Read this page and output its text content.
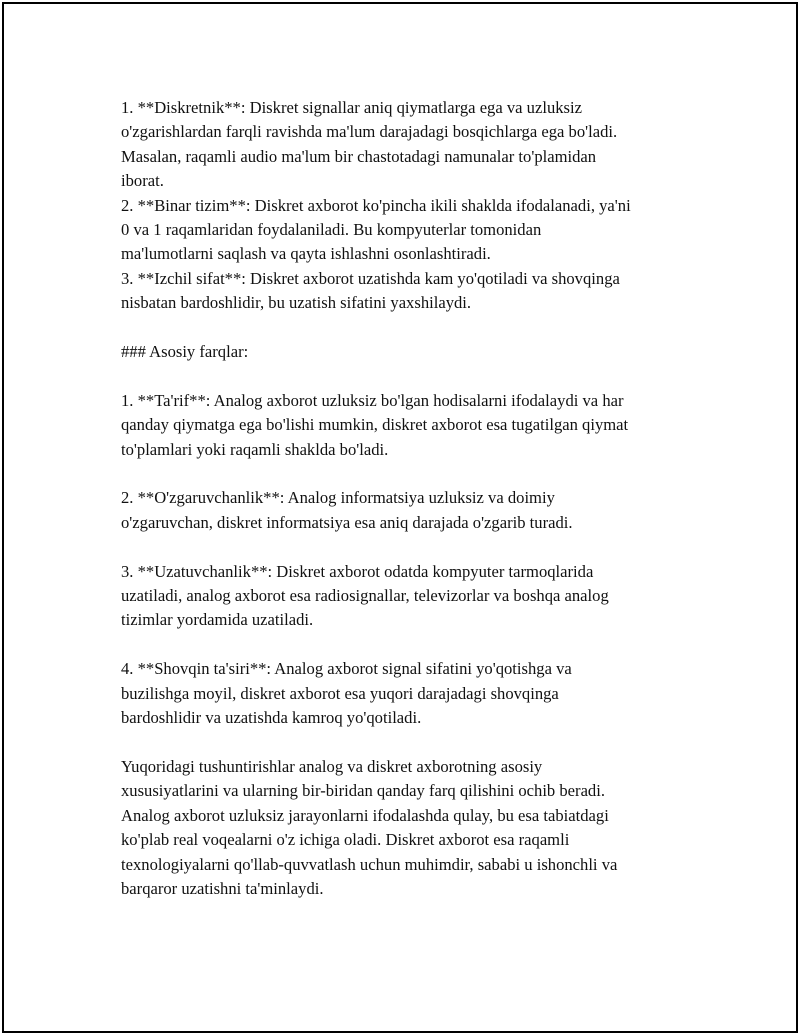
1. **Diskretnik**: Diskret signallar aniq qiymatlarga ega va uzluksiz
o'zgarishlardan farqli ravishda ma'lum darajadagi bosqichlarga ega bo'ladi.
Masalan, raqamli audio ma'lum bir chastotadagi namunalar to'plamidan
iborat.
2. **Binar tizim**: Diskret axborot ko'pincha ikili shaklda ifodalanadi, ya'ni
0 va 1 raqamlaridan foydalaniladi. Bu kompyuterlar tomonidan
ma'lumotlarni saqlash va qayta ishlashni osonlashtiradi.
3. **Izchil sifat**: Diskret axborot uzatishda kam yo'qotiladi va shovqinga
nisbatan bardoshlidir, bu uzatish sifatini yaxshilaydi.
### Asosiy farqlar:
1. **Ta'rif**: Analog axborot uzluksiz bo'lgan hodisalarni ifodalaydi va har
qanday qiymatga ega bo'lishi mumkin, diskret axborot esa tugatilgan qiymat
to'plamlari yoki raqamli shaklda bo'ladi.
2. **O'zgaruvchanlik**: Analog informatsiya uzluksiz va doimiy
o'zgaruvchan, diskret informatsiya esa aniq darajada o'zgarib turadi.
3. **Uzatuvchanlik**: Diskret axborot odatda kompyuter tarmoqlarida
uzatiladi, analog axborot esa radiosignallar, televizorlar va boshqa analog
tizimlar yordamida uzatiladi.
4. **Shovqin ta'siri**: Analog axborot signal sifatini yo'qotishga va
buzilishga moyil, diskret axborot esa yuqori darajadagi shovqinga
bardoshlidir va uzatishda kamroq yo'qotiladi.
Yuqoridagi tushuntirishlar analog va diskret axborotning asosiy
xususiyatlarini va ularning bir-biridan qanday farq qilishini ochib beradi.
Analog axborot uzluksiz jarayonlarni ifodalashda qulay, bu esa tabiatdagi
ko'plab real voqealarni o'z ichiga oladi. Diskret axborot esa raqamli
texnologiyalarni qo'llab-quvvatlash uchun muhimdir, sababi u ishonchli va
barqaror uzatishni ta'minlaydi.
